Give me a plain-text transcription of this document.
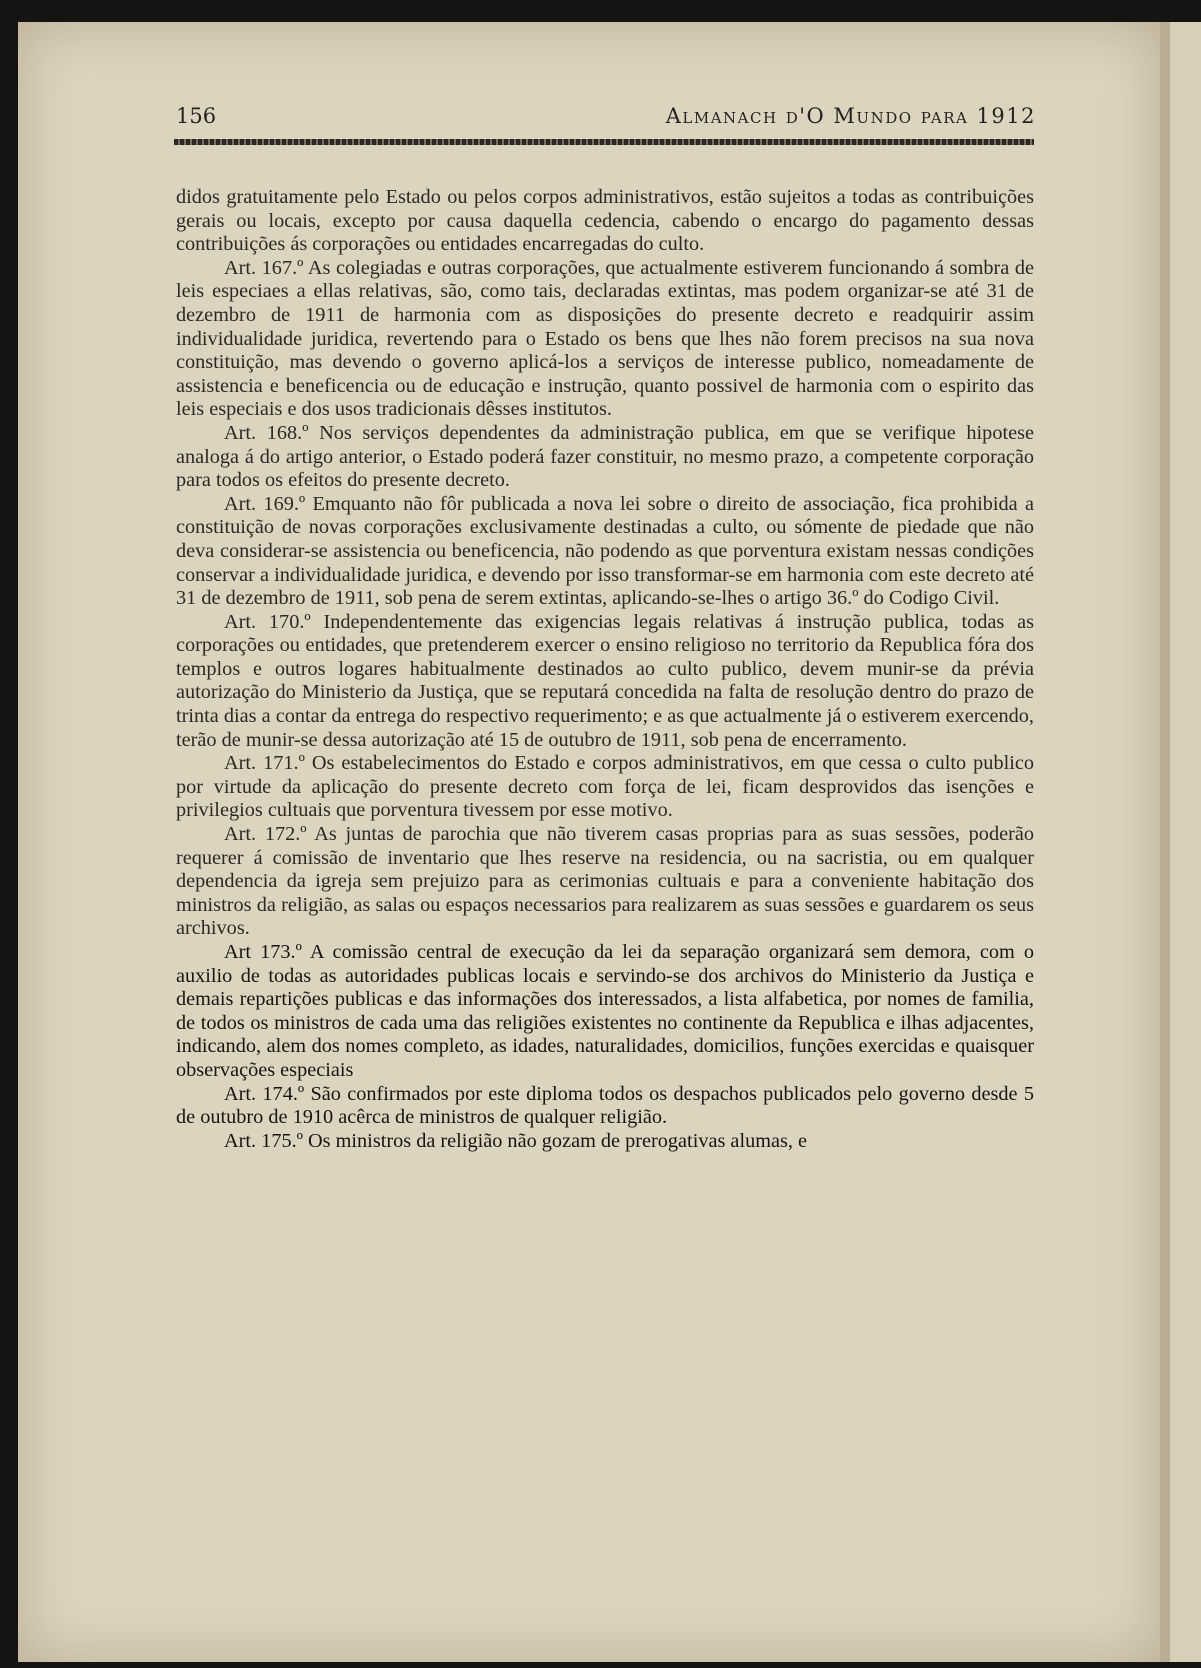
156	Almanach d'O Mundo para 1912

didos gratuitamente pelo Estado ou pelos corpos administrativos, estão sujeitos a todas as contribuições gerais ou locais, excepto por causa daquella cedencia, cabendo o encargo do pagamento dessas contribuições ás corporações ou entidades encarregadas do culto.

Art. 167.º As colegiadas e outras corporações, que actualmente estiverem funcionando á sombra de leis especiaes a ellas relativas, são, como tais, declaradas extintas, mas podem organizar-se até 31 de dezembro de 1911 de harmonia com as disposições do presente decreto e readquirir assim individualidade juridica, revertendo para o Estado os bens que lhes não forem precisos na sua nova constituição, mas devendo o governo aplicá-los a serviços de interesse publico, nomeadamente de assistencia e beneficencia ou de educação e instrução, quanto possivel de harmonia com o espirito das leis especiais e dos usos tradicionais dêsses institutos.

Art. 168.º Nos serviços dependentes da administração publica, em que se verifique hipotese analoga á do artigo anterior, o Estado poderá fazer constituir, no mesmo prazo, a competente corporação para todos os efeitos do presente decreto.

Art. 169.º Emquanto não fôr publicada a nova lei sobre o direito de associação, fica prohibida a constituição de novas corporações exclusivamente destinadas a culto, ou sómente de piedade que não deva considerar-se assistencia ou beneficencia, não podendo as que porventura existam nessas condições conservar a individualidade juridica, e devendo por isso transformar-se em harmonia com este decreto até 31 de dezembro de 1911, sob pena de serem extintas, aplicando-se-lhes o artigo 36.º do Codigo Civil.

Art. 170.º Independentemente das exigencias legais relativas á instrução publica, todas as corporações ou entidades, que pretenderem exercer o ensino religioso no territorio da Republica fóra dos templos e outros logares habitualmente destinados ao culto publico, devem munir-se da prévia autorização do Ministerio da Justiça, que se reputará concedida na falta de resolução dentro do prazo de trinta dias a contar da entrega do respectivo requerimento; e as que actualmente já o estiverem exercendo, terão de munir-se dessa autorização até 15 de outubro de 1911, sob pena de encerramento.

Art. 171.º Os estabelecimentos do Estado e corpos administrativos, em que cessa o culto publico por virtude da aplicação do presente decreto com força de lei, ficam desprovidos das isenções e privilegios cultuais que porventura tivessem por esse motivo.

Art. 172.º As juntas de parochia que não tiverem casas proprias para as suas sessões, poderão requerer á comissão de inventario que lhes reserve na residencia, ou na sacristia, ou em qualquer dependencia da igreja sem prejuizo para as cerimonias cultuais e para a conveniente habitação dos ministros da religião, as salas ou espaços necessarios para realizarem as suas sessões e guardarem os seus archivos.

Art 173.º A comissão central de execução da lei da separação organizará sem demora, com o auxilio de todas as autoridades publicas locais e servindo-se dos archivos do Ministerio da Justiça e demais repartições publicas e das informações dos interessados, a lista alfabetica, por nomes de familia, de todos os ministros de cada uma das religiões existentes no continente da Republica e ilhas adjacentes, indicando, alem dos nomes completo, as idades, naturalidades, domicilios, funções exercidas e quaisquer observações especiais

Art. 174.º São confirmados por este diploma todos os despachos publicados pelo governo desde 5 de outubro de 1910 acêrca de ministros de qualquer religião.

Art. 175.º Os ministros da religião não gozam de prerogativas alumas, e
